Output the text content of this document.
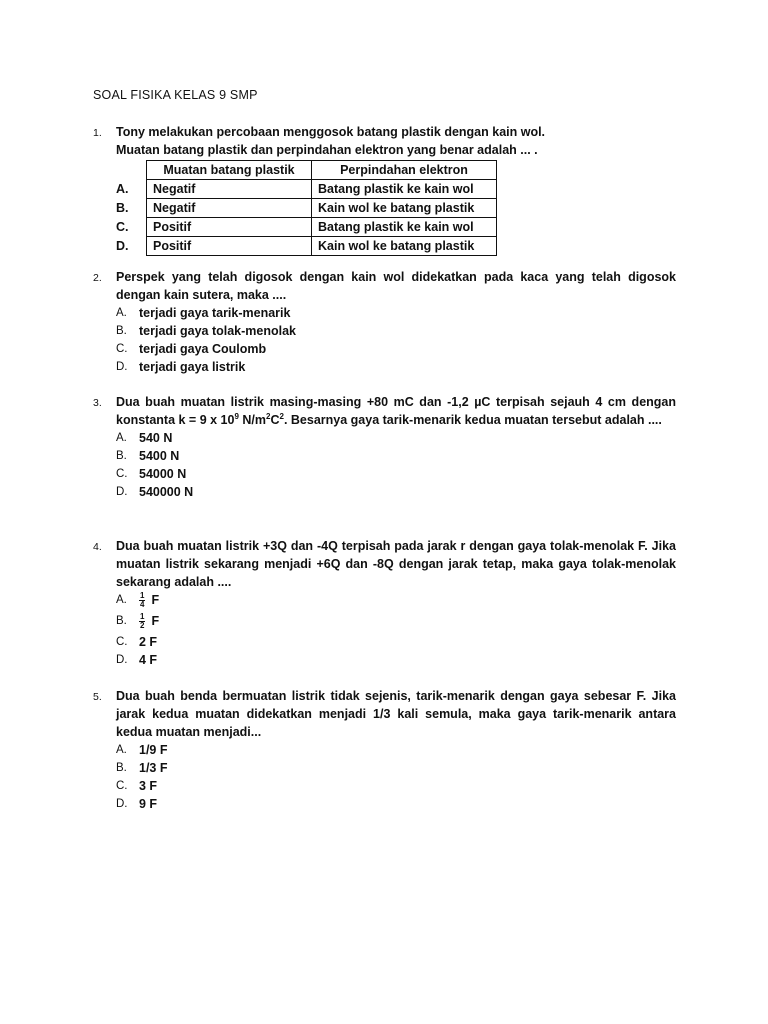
SOAL FISIKA KELAS 9 SMP
1. Tony melakukan percobaan menggosok batang plastik dengan kain wol.
Muatan batang plastik dan perpindahan elektron yang benar adalah ... .
	Muatan batang plastik	Perpindahan elektron
A.	Negatif	Batang plastik ke kain wol
B.	Negatif	Kain wol ke batang plastik
C.	Positif	Batang plastik ke kain wol
D.	Positif	Kain wol ke batang plastik
2. Perspek yang telah digosok dengan kain wol didekatkan pada kaca yang telah digosok dengan kain sutera, maka ....
A. terjadi gaya tarik-menarik
B. terjadi gaya tolak-menolak
C. terjadi gaya Coulomb
D. terjadi gaya listrik
3. Dua buah muatan listrik masing-masing +80 mC dan -1,2 µC terpisah sejauh 4 cm dengan konstanta k = 9 x $10^9$ $N/m^2C^2$. Besarnya gaya tarik-menarik kedua muatan tersebut adalah ....
A. 540 N
B. 5400 N
C. 54000 N
D. 540000 N
4. Dua buah muatan listrik +3Q dan -4Q terpisah pada jarak r dengan gaya tolak-menolak F. Jika muatan listrik sekarang menjadi +6Q dan -8Q dengan jarak tetap, maka gaya tolak-menolak sekarang adalah ....
A. $\frac{1}{4}$ F
B. $\frac{1}{2}$ F
C. 2 F
D. 4 F
5. Dua buah benda bermuatan listrik tidak sejenis, tarik-menarik dengan gaya sebesar F. Jika jarak kedua muatan didekatkan menjadi 1/3 kali semula, maka gaya tarik-menarik antara kedua muatan menjadi...
A. 1/9 F
B. 1/3 F
C. 3 F
D. 9 F
